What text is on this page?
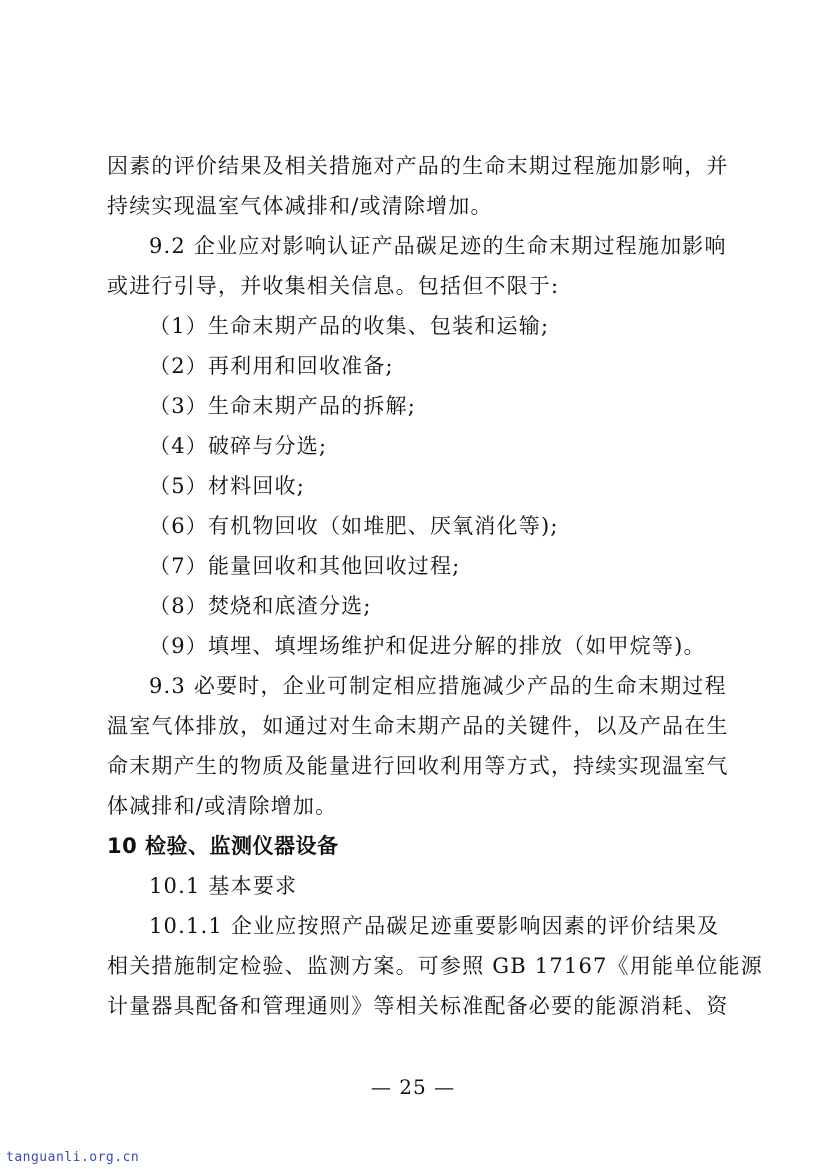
因素的评价结果及相关措施对产品的生命末期过程施加影响，并
持续实现温室气体减排和/或清除增加。
9.2 企业应对影响认证产品碳足迹的生命末期过程施加影响
或进行引导，并收集相关信息。包括但不限于:
（1）生命末期产品的收集、包装和运输;
（2）再利用和回收准备;
（3）生命末期产品的拆解;
（4）破碎与分选;
（5）材料回收;
（6）有机物回收（如堆肥、厌氧消化等);
（7）能量回收和其他回收过程;
（8）焚烧和底渣分选;
（9）填埋、填埋场维护和促进分解的排放（如甲烷等)。
9.3 必要时，企业可制定相应措施减少产品的生命末期过程
温室气体排放，如通过对生命末期产品的关键件，以及产品在生
命末期产生的物质及能量进行回收利用等方式，持续实现温室气
体减排和/或清除增加。
10 检验、监测仪器设备
10.1 基本要求
10.1.1 企业应按照产品碳足迹重要影响因素的评价结果及
相关措施制定检验、监测方案。可参照 GB 17167《用能单位能源
计量器具配备和管理通则》等相关标准配备必要的能源消耗、资
— 25 —
tanguanli.org.cn
